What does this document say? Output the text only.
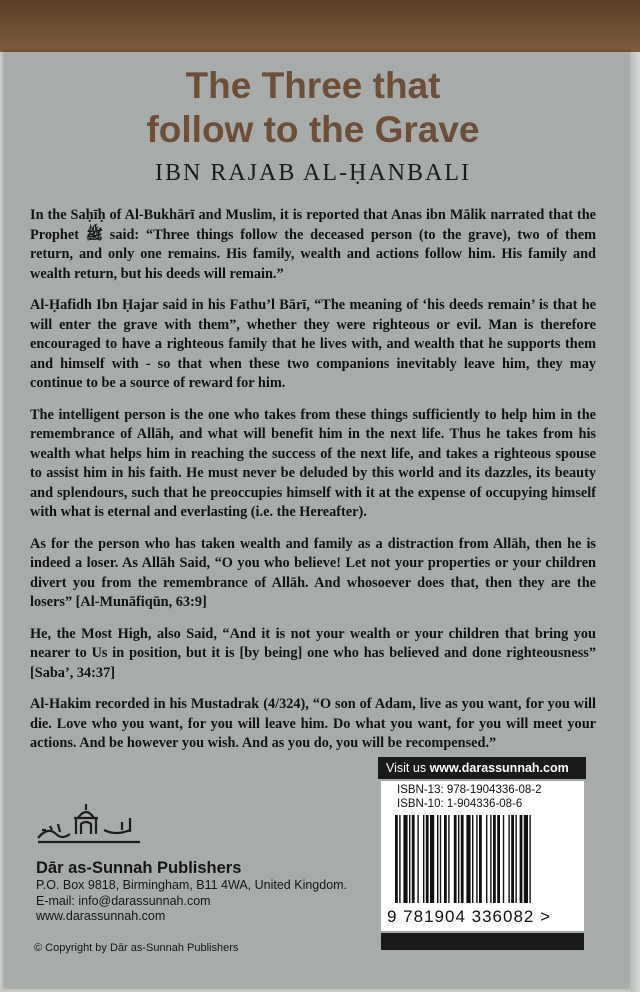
The Three that
follow to the Grave
IBN RAJAB AL-ḤANBALI

In the Saḥīḥ of Al-Bukhārī and Muslim, it is reported that Anas ibn Mālik narrated that the Prophet ﷺ said: “Three things follow the deceased person (to the grave), two of them return, and only one remains. His family, wealth and actions follow him. His family and wealth return, but his deeds will remain.”

Al-Ḥafidh Ibn Ḥajar said in his Fathu’l Bārī, “The meaning of ‘his deeds remain’ is that he will enter the grave with them”, whether they were righteous or evil. Man is therefore encouraged to have a righteous family that he lives with, and wealth that he supports them and himself with - so that when these two companions inevitably leave him, they may continue to be a source of reward for him.

The intelligent person is the one who takes from these things sufficiently to help him in the remembrance of Allāh, and what will benefit him in the next life. Thus he takes from his wealth what helps him in reaching the success of the next life, and takes a righteous spouse to assist him in his faith. He must never be deluded by this world and its dazzles, its beauty and splendours, such that he preoccupies himself with it at the expense of occupying himself with what is eternal and everlasting (i.e. the Hereafter).

As for the person who has taken wealth and family as a distraction from Allāh, then he is indeed a loser. As Allāh Said, “O you who believe! Let not your properties or your children divert you from the remembrance of Allāh. And whosoever does that, then they are the losers” [Al-Munāfiqūn, 63:9]

He, the Most High, also Said, “And it is not your wealth or your children that bring you nearer to Us in position, but it is [by being] one who has believed and done righteousness” [Saba’, 34:37]

Al-Hakim recorded in his Mustadrak (4/324), “O son of Adam, live as you want, for you will die. Love who you want, for you will leave him. Do what you want, for you will meet your actions. And be however you wish. And as you do, you will be recompensed.”

Visit us www.darassunnah.com
ISBN-13: 978-1904336-08-2
ISBN-10: 1-904336-08-6
9 781904 336082 >
Dār as-Sunnah Publishers
P.O. Box 9818, Birmingham, B11 4WA, United Kingdom.
E-mail: info@darassunnah.com
www.darassunnah.com
© Copyright by Dār as-Sunnah Publishers
